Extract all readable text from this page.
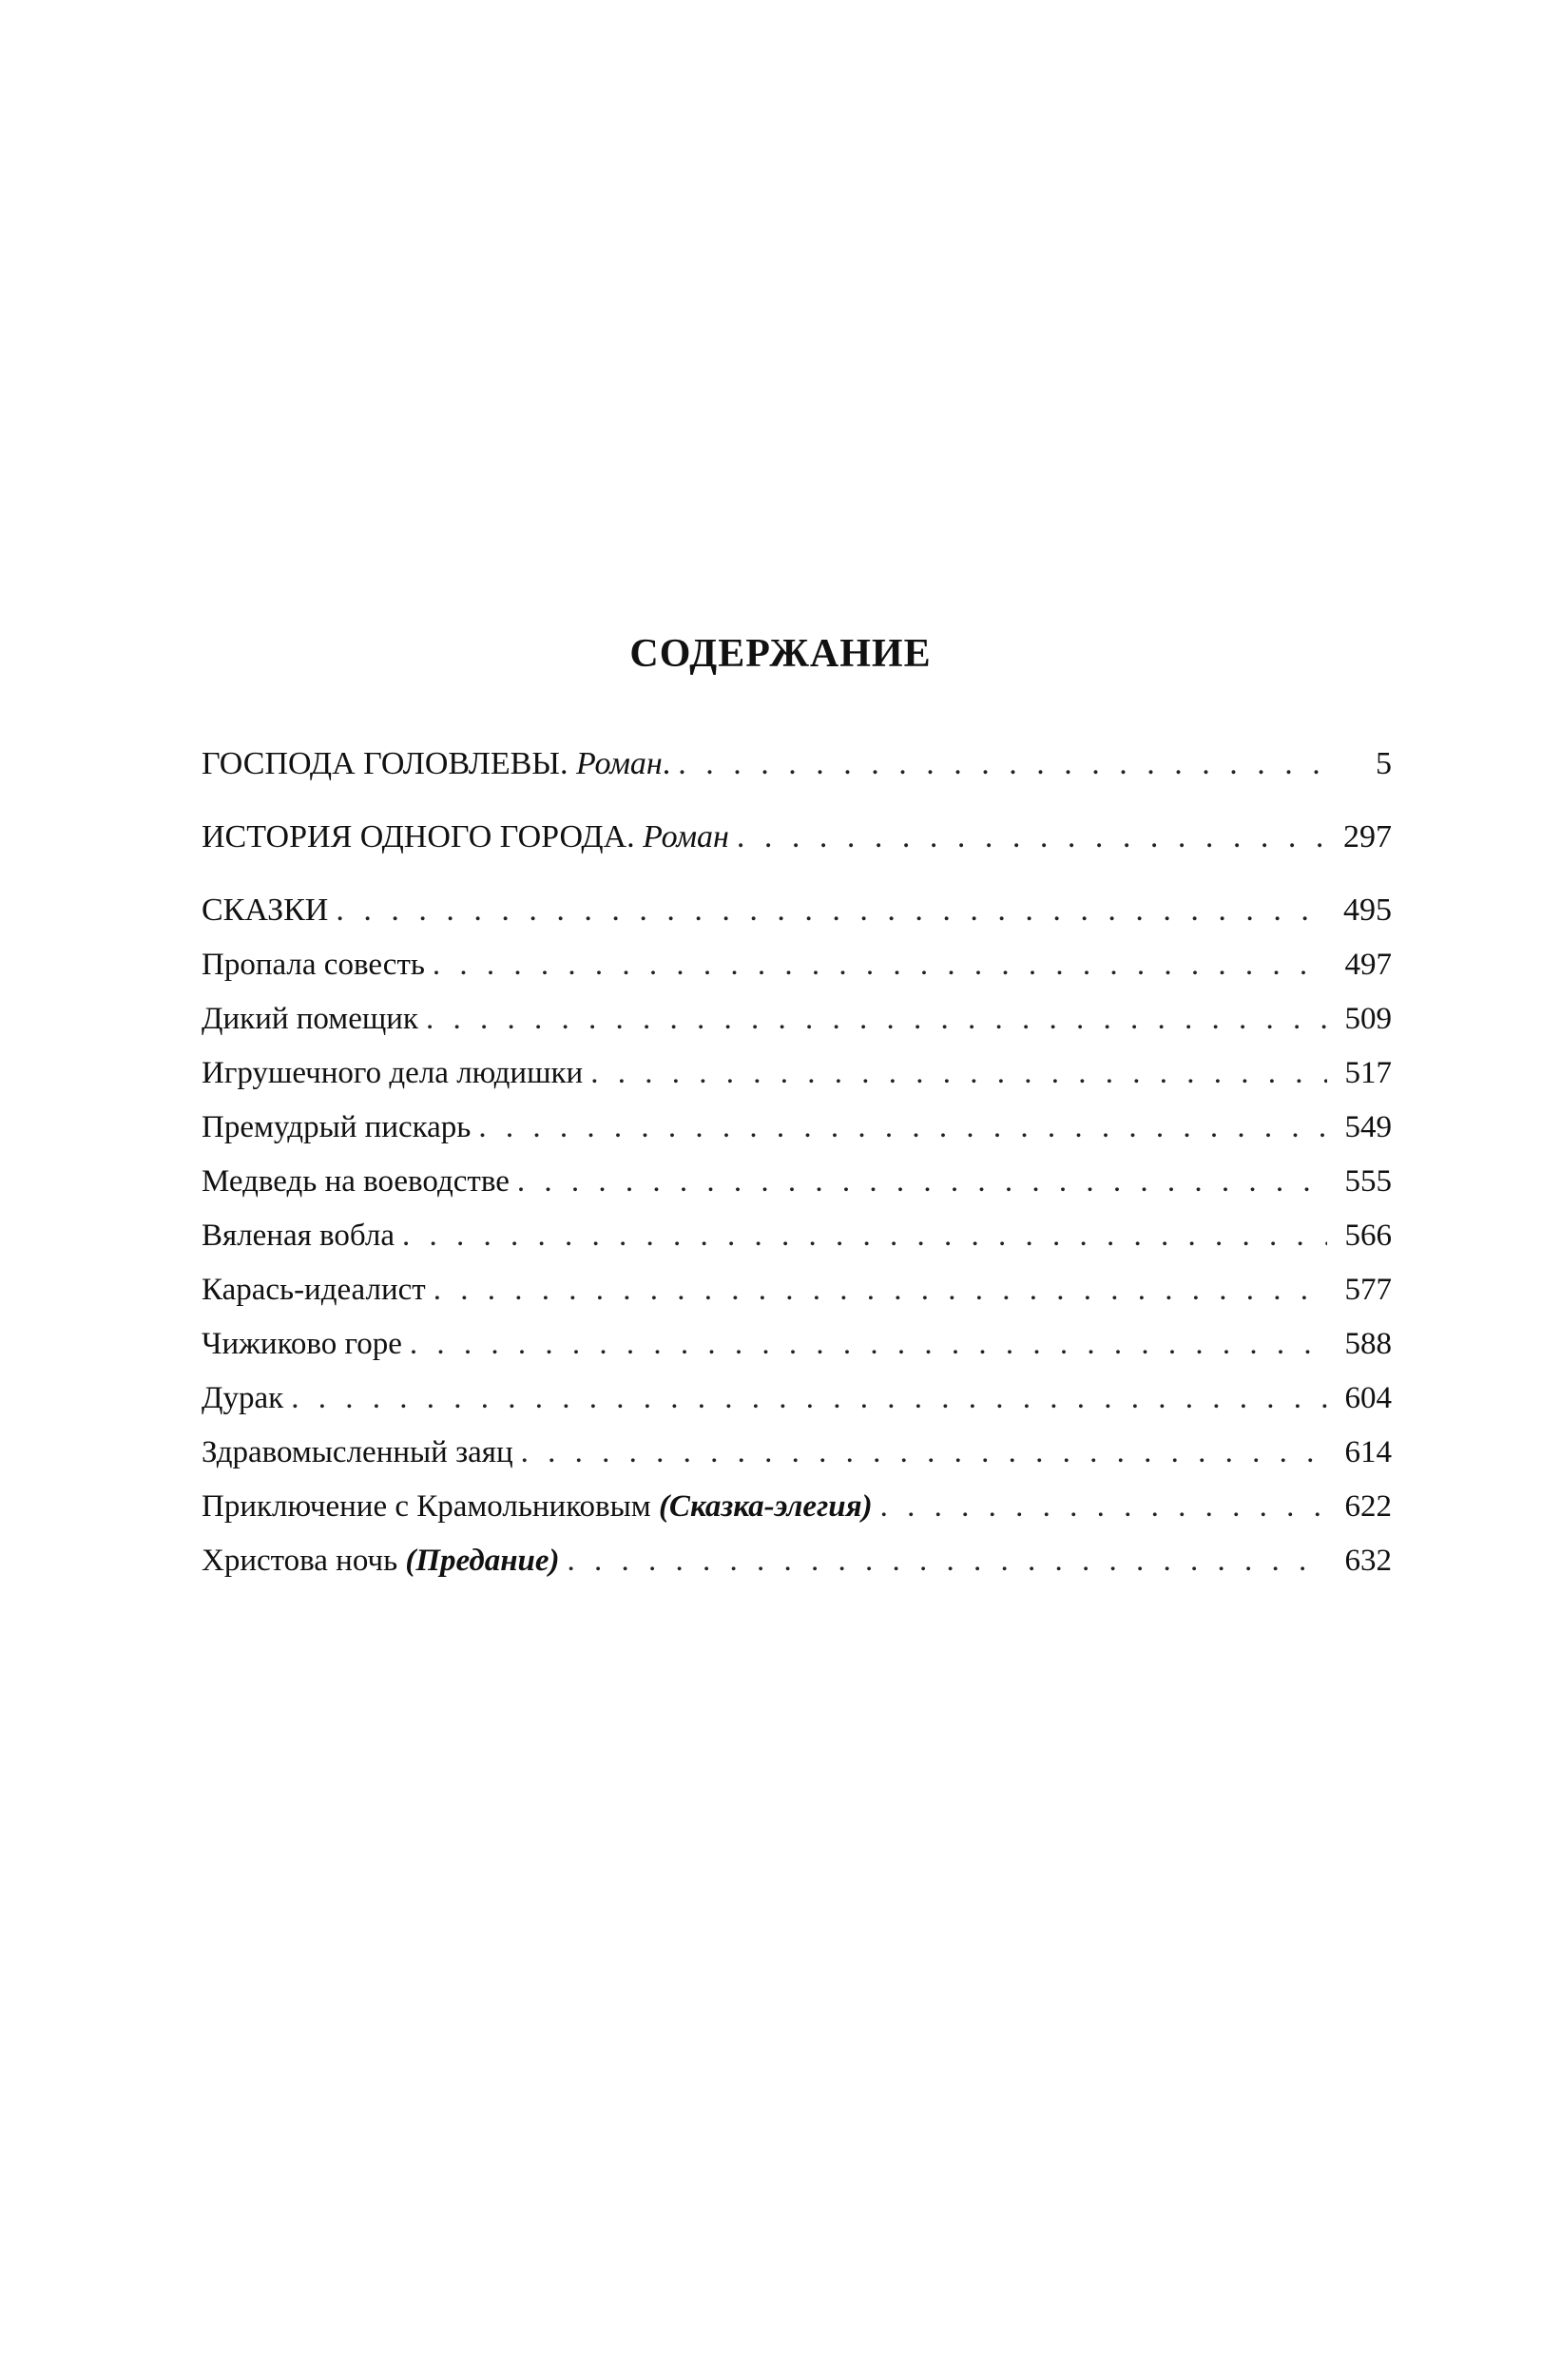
СОДЕРЖАНИЕ
ГОСПОДА ГОЛОВЛЕВЫ. Роман. . . .	5
ИСТОРИЯ ОДНОГО ГОРОДА. Роман . . .	297
СКАЗКИ . . .	495
Пропала совесть . . .	497
Дикий помещик . . .	509
Игрушечного дела людишки . . .	517
Премудрый пискарь . . .	549
Медведь на воеводстве . . .	555
Вяленая вобла . . .	566
Карась-идеалист . . .	577
Чижиково горе . . .	588
Дурак . . .	604
Здравомысленный заяц . . .	614
Приключение с Крамольниковым (Сказка-элегия) . . .	622
Христова ночь (Предание) . . .	632
